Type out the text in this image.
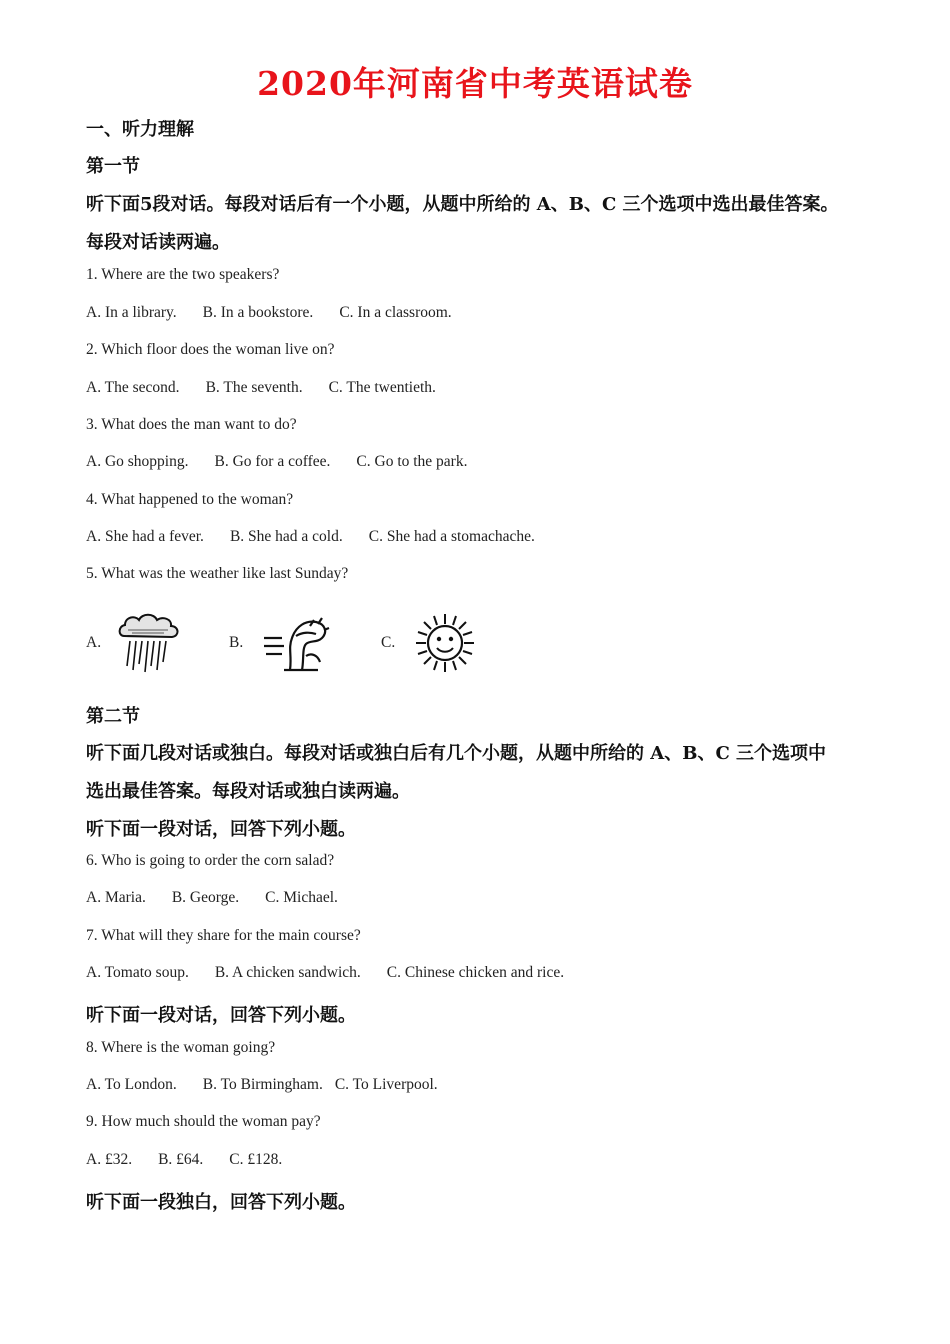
2020年河南省中考英语试卷
一、听力理解
第一节
听下面5段对话。每段对话后有一个小题，从题中所给的 A、B、C 三个选项中选出最佳答案。
每段对话读两遍。
1. Where are the two speakers?
A. In a library. B. In a bookstore. C. In a classroom.
2. Which floor does the woman live on?
A. The second. B. The seventh. C. The twentieth.
3. What does the man want to do?
A. Go shopping. B. Go for a coffee. C. Go to the park.
4. What happened to the woman?
A. She had a fever. B. She had a cold. C. She had a stomachache.
5. What was the weather like last Sunday?
A.	B.	C.
第二节
听下面几段对话或独白。每段对话或独白后有几个小题，从题中所给的 A、B、C 三个选项中
选出最佳答案。每段对话或独白读两遍。
听下面一段对话，回答下列小题。
6. Who is going to order the corn salad?
A. Maria. B. George. C. Michael.
7. What will they share for the main course?
A. Tomato soup. B. A chicken sandwich. C. Chinese chicken and rice.
听下面一段对话，回答下列小题。
8. Where is the woman going?
A. To London. B. To Birmingham. C. To Liverpool.
9. How much should the woman pay?
A. £32. B. £64. C. £128.
听下面一段独白，回答下列小题。
